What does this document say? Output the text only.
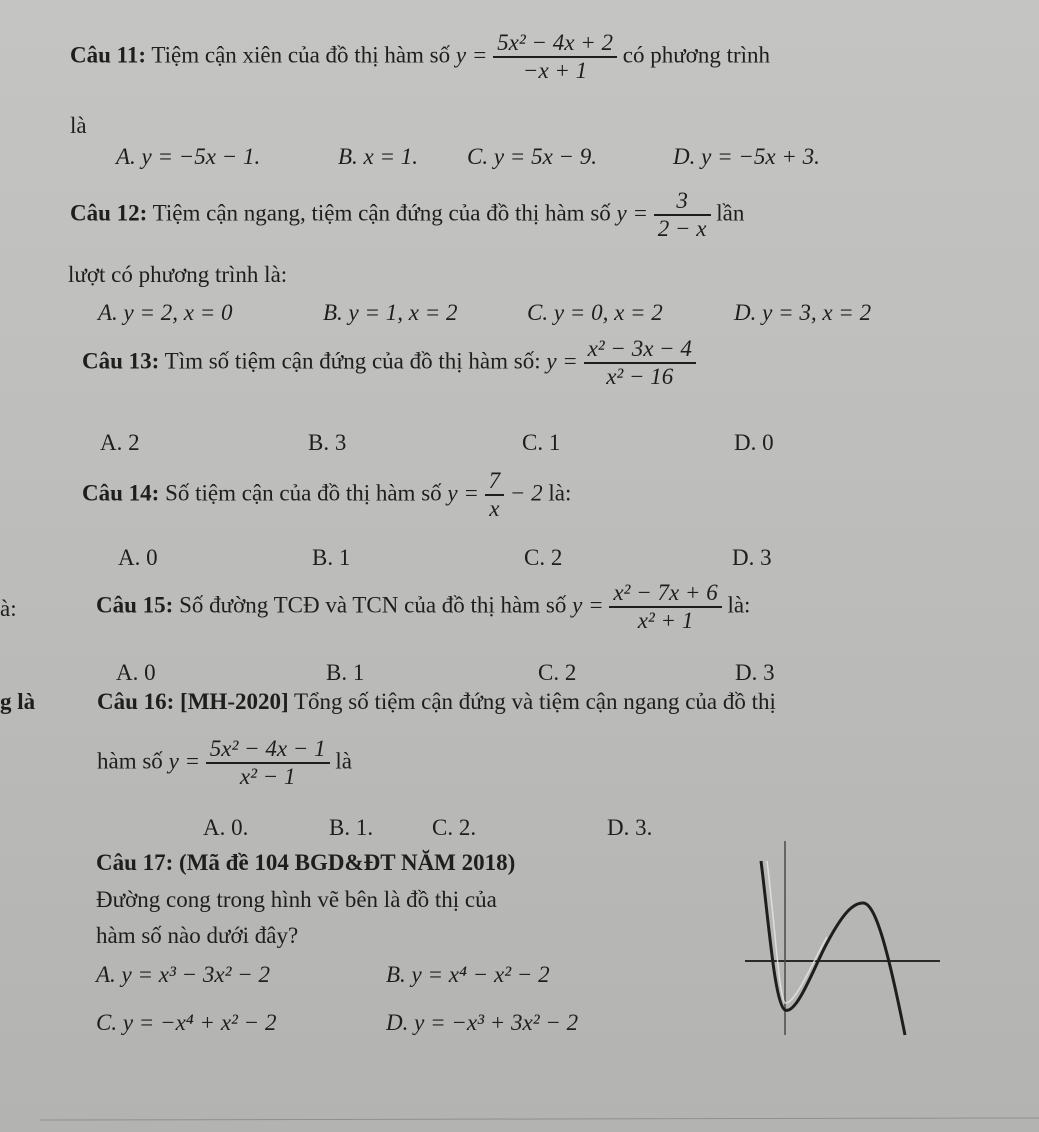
à:
g là
Câu 11: Tiệm cận xiên của đồ thị hàm số $y = \frac{\text{5x² − 4x + 2}}{-x + 1}$ có phương trình
là
A. y = −5x − 1.	B. x = 1. C. y = 5x − 9.	D. y = −5x + 3.
Câu 12: Tiệm cận ngang, tiệm cận đứng của đồ thị hàm số $y = \frac{3}{2 - x}$ lần
lượt có phương trình là:
A. y = 2, x = 0	B. y = 1, x = 2	C. y = 0, x = 2	D. y = 3, x = 2
Câu 13: Tìm số tiệm cận đứng của đồ thị hàm số: $y = \frac{\text{x² − 3x − 4}}{\text{x² − 16}}$
A. 2	B. 3	C. 1	D. 0
Câu 14: Số tiệm cận của đồ thị hàm số $y = \frac{7}{x} - 2$ là:
A. 0	B. 1	C. 2	D. 3
Câu 15: Số đường TCĐ và TCN của đồ thị hàm số $y = \frac{\text{x² − 7x + 6}}{\text{x² + 1}}$ là:
A. 0	B. 1	C. 2	D. 3
Câu 16: [MH-2020] Tổng số tiệm cận đứng và tiệm cận ngang của đồ thị
hàm số $y = \frac{\text{5x² − 4x − 1}}{\text{x² − 1}}$ là
A. 0.	B. 1.	C. 2.	D. 3.
Câu 17: (Mã đề 104 BGD&ĐT NĂM 2018)
Đường cong trong hình vẽ bên là đồ thị của
hàm số nào dưới đây?
A. y = x³ − 3x² − 2	B. y = x⁴ − x² − 2
C. y = −x⁴ + x² − 2	D. y = −x³ + 3x² − 2
